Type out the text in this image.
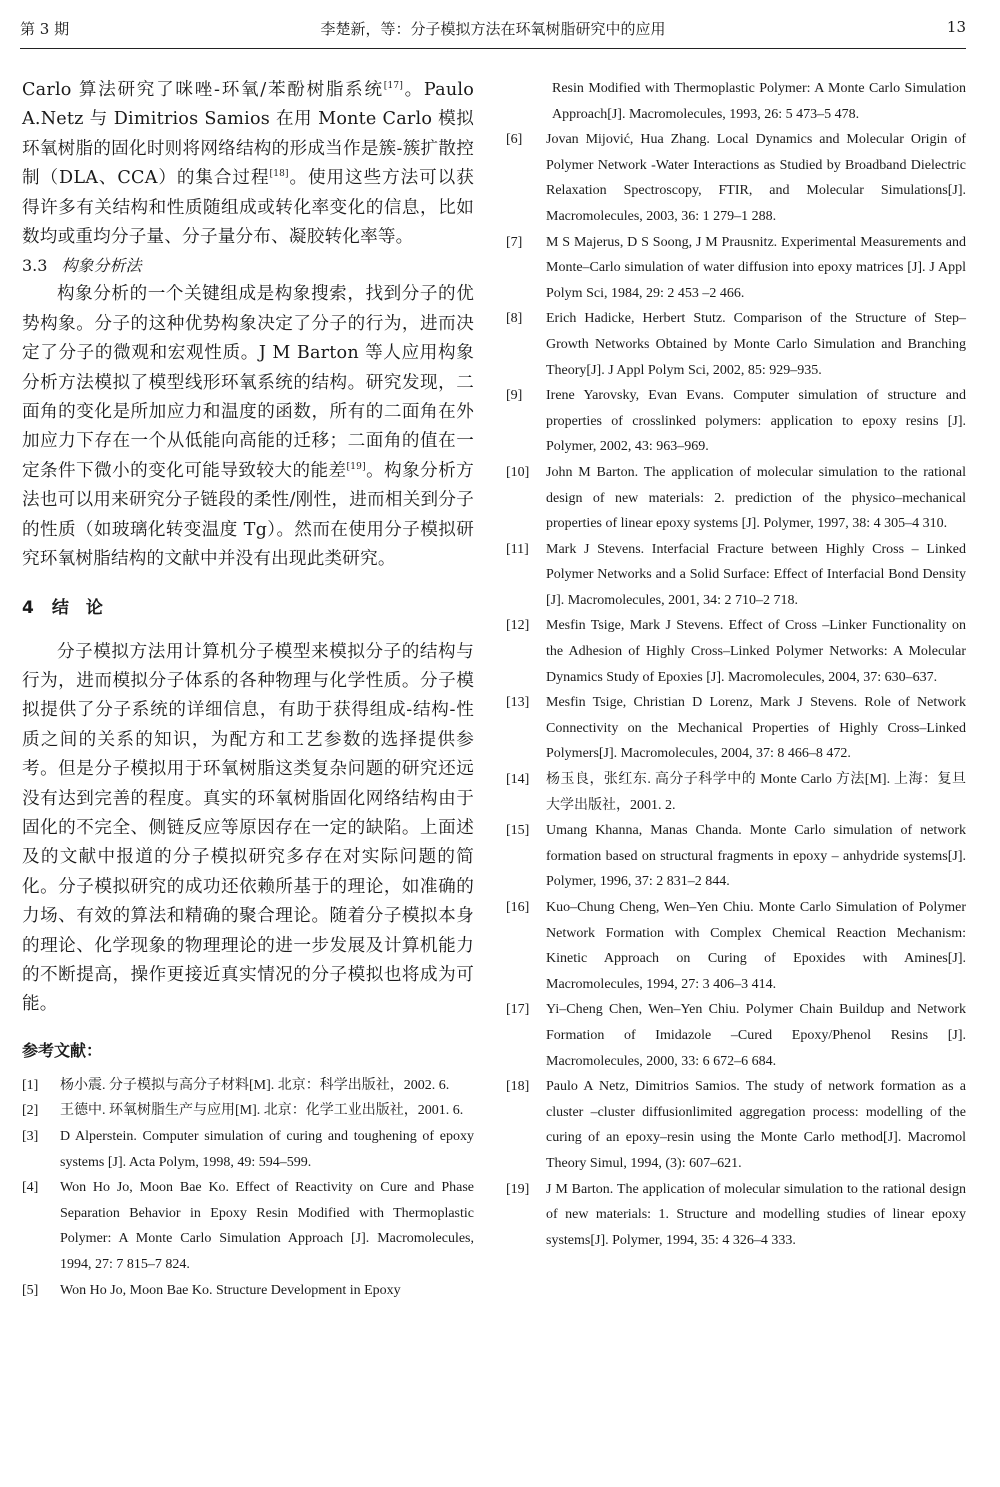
第 3 期	李楚新，等：分子模拟方法在环氧树脂研究中的应用	13

Carlo 算法研究了咪唑-环氧/苯酚树脂系统[17]。Paulo A.Netz 与 Dimitrios Samios 在用 Monte Carlo 模拟环氧树脂的固化时则将网络结构的形成当作是簇-簇扩散控制（DLA、CCA）的集合过程[18]。使用这些方法可以获得许多有关结构和性质随组成或转化率变化的信息，比如数均或重均分子量、分子量分布、凝胶转化率等。

3.3 构象分析法

构象分析的一个关键组成是构象搜索，找到分子的优势构象。分子的这种优势构象决定了分子的行为，进而决定了分子的微观和宏观性质。J M Barton 等人应用构象分析方法模拟了模型线形环氧系统的结构。研究发现，二面角的变化是所加应力和温度的函数，所有的二面角在外加应力下存在一个从低能向高能的迁移；二面角的值在一定条件下微小的变化可能导致较大的能差[19]。构象分析方法也可以用来研究分子链段的柔性/刚性，进而相关到分子的性质（如玻璃化转变温度 Tg）。然而在使用分子模拟研究环氧树脂结构的文献中并没有出现此类研究。

4 结　论

分子模拟方法用计算机分子模型来模拟分子的结构与行为，进而模拟分子体系的各种物理与化学性质。分子模拟提供了分子系统的详细信息，有助于获得组成-结构-性质之间的关系的知识，为配方和工艺参数的选择提供参考。但是分子模拟用于环氧树脂这类复杂问题的研究还远没有达到完善的程度。真实的环氧树脂固化网络结构由于固化的不完全、侧链反应等原因存在一定的缺陷。上面述及的文献中报道的分子模拟研究多存在对实际问题的简化。分子模拟研究的成功还依赖所基于的理论，如准确的力场、有效的算法和精确的聚合理论。随着分子模拟本身的理论、化学现象的物理理论的进一步发展及计算机能力的不断提高，操作更接近真实情况的分子模拟也将成为可能。

参考文献：
[1]	杨小震. 分子模拟与高分子材料[M]. 北京：科学出版社，2002. 6.
[2]	王德中. 环氧树脂生产与应用[M]. 北京：化学工业出版社，2001. 6.
[3]	D Alperstein. Computer simulation of curing and toughening of epoxy systems [J]. Acta Polym, 1998, 49: 594–599.
[4]	Won Ho Jo, Moon Bae Ko. Effect of Reactivity on Cure and Phase Separation Behavior in Epoxy Resin Modified with Thermoplastic Polymer: A Monte Carlo Simulation Approach [J]. Macromolecules, 1994, 27: 7 815–7 824.
[5]	Won Ho Jo, Moon Bae Ko. Structure Development in Epoxy
Resin Modified with Thermoplastic Polymer: A Monte Carlo Simulation Approach[J]. Macromolecules, 1993, 26: 5 473–5 478.
[6]	Jovan Mijović, Hua Zhang. Local Dynamics and Molecular Origin of Polymer Network -Water Interactions as Studied by Broadband Dielectric Relaxation Spectroscopy, FTIR, and Molecular Simulations[J]. Macromolecules, 2003, 36: 1 279–1 288.
[7]	M S Majerus, D S Soong, J M Prausnitz. Experimental Measurements and Monte–Carlo simulation of water diffusion into epoxy matrices [J]. J Appl Polym Sci, 1984, 29: 2 453 –2 466.
[8]	Erich Hadicke, Herbert Stutz. Comparison of the Structure of Step–Growth Networks Obtained by Monte Carlo Simulation and Branching Theory[J]. J Appl Polym Sci, 2002, 85: 929–935.
[9]	Irene Yarovsky, Evan Evans. Computer simulation of structure and properties of crosslinked polymers: application to epoxy resins [J]. Polymer, 2002, 43: 963–969.
[10]	John M Barton. The application of molecular simulation to the rational design of new materials: 2. prediction of the physico–mechanical properties of linear epoxy systems [J]. Polymer, 1997, 38: 4 305–4 310.
[11]	Mark J Stevens. Interfacial Fracture between Highly Cross – Linked Polymer Networks and a Solid Surface: Effect of Interfacial Bond Density [J]. Macromolecules, 2001, 34: 2 710–2 718.
[12]	Mesfin Tsige, Mark J Stevens. Effect of Cross –Linker Functionality on the Adhesion of Highly Cross–Linked Polymer Networks: A Molecular Dynamics Study of Epoxies [J]. Macromolecules, 2004, 37: 630–637.
[13]	Mesfin Tsige, Christian D Lorenz, Mark J Stevens. Role of Network Connectivity on the Mechanical Properties of Highly Cross–Linked Polymers[J]. Macromolecules, 2004, 37: 8 466–8 472.
[14]	杨玉良，张红东. 高分子科学中的 Monte Carlo 方法[M]. 上海：复旦大学出版社，2001. 2.
[15]	Umang Khanna, Manas Chanda. Monte Carlo simulation of network formation based on structural fragments in epoxy – anhydride systems[J]. Polymer, 1996, 37: 2 831–2 844.
[16]	Kuo–Chung Cheng, Wen–Yen Chiu. Monte Carlo Simulation of Polymer Network Formation with Complex Chemical Reaction Mechanism: Kinetic Approach on Curing of Epoxides with Amines[J]. Macromolecules, 1994, 27: 3 406–3 414.
[17]	Yi–Cheng Chen, Wen–Yen Chiu. Polymer Chain Buildup and Network Formation of Imidazole –Cured Epoxy/Phenol Resins [J]. Macromolecules, 2000, 33: 6 672–6 684.
[18]	Paulo A Netz, Dimitrios Samios. The study of network formation as a cluster –cluster diffusionlimited aggregation process: modelling of the curing of an epoxy–resin using the Monte Carlo method[J]. Macromol Theory Simul, 1994, (3): 607–621.
[19]	J M Barton. The application of molecular simulation to the rational design of new materials: 1. Structure and modelling studies of linear epoxy systems[J]. Polymer, 1994, 35: 4 326–4 333.
